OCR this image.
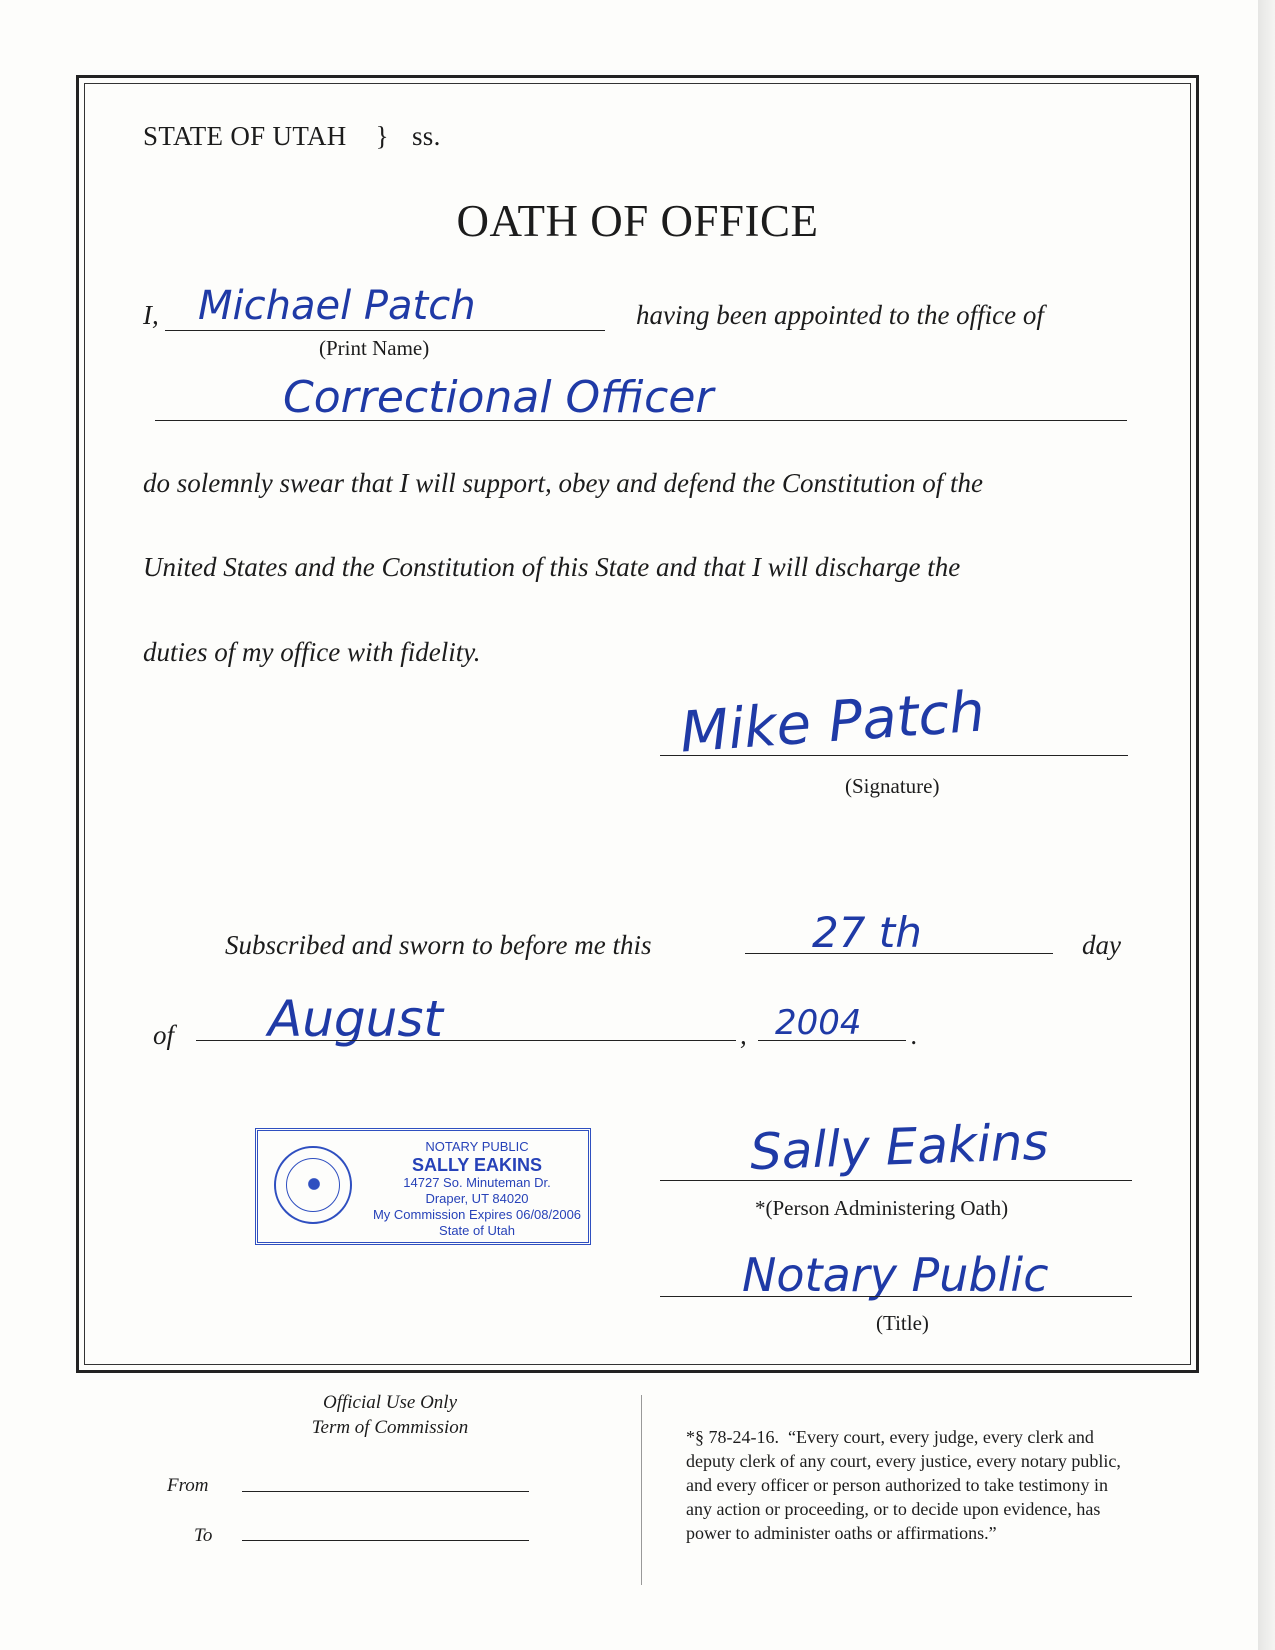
STATE OF UTAH } ss.
OATH OF OFFICE
I, Michael Patch
(Print Name)
having been appointed to the office of
Correctional Officer
do solemnly swear that I will support, obey and defend the Constitution of the
United States and the Constitution of this State and that I will discharge the
duties of my office with fidelity.
Mike Patch
(Signature)
Subscribed and sworn to before me this	27 th	day
of August	, 2004 .
NOTARY PUBLIC
SALLY EAKINS
14727 So. Minuteman Dr.
Draper, UT 84020
My Commission Expires 06/08/2006
State of Utah
Sally Eakins
*(Person Administering Oath)
Notary Public
(Title)
Official Use Only
Term of Commission
From
To
*§ 78-24-16.  “Every court, every judge, every clerk and
deputy clerk of any court, every justice, every notary public,
and every officer or person authorized to take testimony in
any action or proceeding, or to decide upon evidence, has
power to administer oaths or affirmations.”
